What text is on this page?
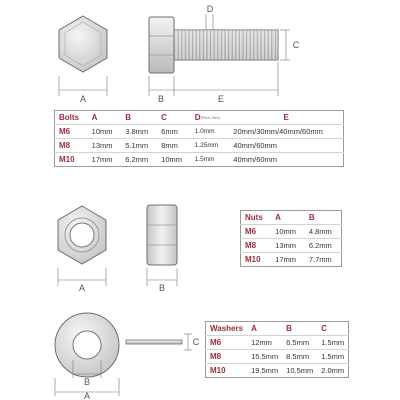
A	B	E
D
C
A	B
B
A
C
Bolts	A	B	C	D(Pitch Size)	E
M6	10mm	3.8mm	6mm	1.0mm	20mm/30mm/40mm/60mm
M8	13mm	5.1mm	8mm	1.25mm	40mm/60mm
M10	17mm	6.2mm	10mm	1.5mm	40mm/60mm
Nuts	A	B
M6	10mm	4.8mm
M8	13mm	6.2mm
M10	17mm	7.7mm
Washers	A	B	C
M6	12mm	6.5mm	1.5mm
M8	15.5mm	8.5mm	1.5mm
M10	19.5mm	10.5mm	2.0mm
